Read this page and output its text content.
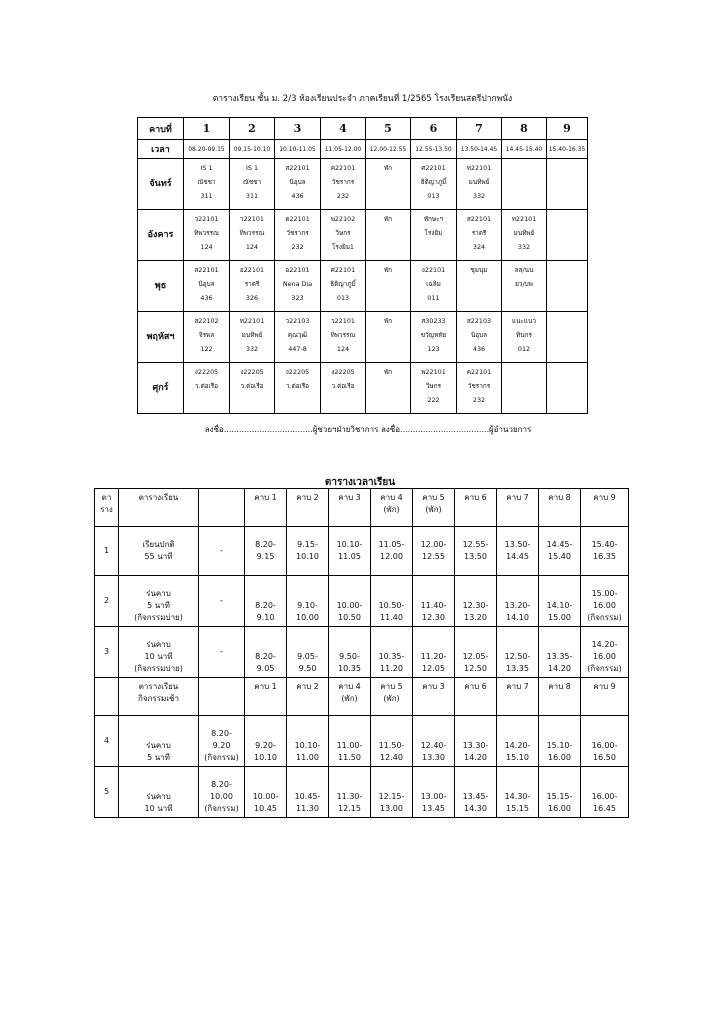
ตารางเรียน ชั้น ม. 2/3 ห้องเรียนประจำ ภาคเรียนที่ 1/2565 โรงเรียนสตรีปากพนัง
คาบที่	1	2	3	4	5	6	7	8	9
เวลา	08.20-09.15	09.15-10.10	10.10-11.05	11.05-12.00	12.00-12.55	12.55-13.50	13.50-14.45	14.45-15.40	15.40-16.35
จันทร์	IS 1
ณัชชา
311	IS 1
ณัชชา
311	ส22101
นิอุบล
436	ค22101
วัชรากร
232	พัก	ศ22101
ธิติญาภูมิ์
013	ท22101
มนทิพย์
332		

อังคาร	ว22101
ทิพวรรณ
124	ว22101
ทิพวรรณ
124	ค22101
วัชรากร
232	พ22102
วิษกร
โรงยิม1	พัก	ทักษะฯ
โรงยิม	ส22101
ราตรี
324	ท22101
มนทิพย์
332	

พุธ	ส22101
นิอุบล
436	อ22101
ราตรี
326	อ22101
Nena Dia
323	ศ22101
ธิติญาภูมิ์
013	พัก	ง22101
เฉลิม
011	ชุมนุม	ลส/นน
ยว/บพ	

พฤหัสฯ	ส22102
จิรพล
122	ท22101
มนทิพย์
332	ว22103
คุณวุฒิ
447-8	ว22101
ทิพวรรณ
124	พัก	ส30233
ขวัญหทัย
123	ส22103
นิอุบล
436	แนะแนว
ทินกร
012	

ศุกร์	ง22205
ว.ต่อเรือ	ง22205
ว.ต่อเรือ	ง22205
ว.ต่อเรือ	ง22205
ว.ต่อเรือ	พัก	พ22101
วิษกร
222	ค22101
วัชรากร
232		

ลงชื่อ...................................ผู้ช่วยฯฝ่ายวิชาการ ลงชื่อ...................................ผู้อำนวยการ
ตารางเวลาเรียน
ตา
ราง	ตารางเรียน		คาบ 1	คาบ 2	คาบ 3	คาบ 4
(พัก)	คาบ 5
(พัก)	คาบ 6	คาบ 7	คาบ 8	คาบ 9

1	เรียนปกติ
55 นาที	-	8.20-
9.15	9.15-
10.10	10.10-
11.05	11.05-
12.00	12.00-
12.55	12.55-
13.50	13.50-
14.45	14.45-
15.40	15.40-
16.35

2	ร่นคาบ
5 นาที
(กิจกรรมบ่าย)	-	8.20-
9.10	9.10-
10.00	10.00-
10.50	10.50-
11.40	11.40-
12.30	12.30-
13.20	13.20-
14.10	14.10-
15.00	15.00-
16.00
(กิจกรรม)

3	ร่นคาบ
10 นาที
(กิจกรรมบ่าย)	-	8.20-
9.05	9.05-
9.50	9.50-
10.35	10.35-
11.20	11.20-
12.05	12.05-
12.50	12.50-
13.35	13.35-
14.20	14.20-
16.00
(กิจกรรม)

	ตารางเรียน
กิจกรรมเช้า		คาบ 1	คาบ 2	คาบ 4
(พัก)	คาบ 5
(พัก)	คาบ 3	คาบ 6	คาบ 7	คาบ 8	คาบ 9

4	ร่นคาบ
5 นาที	8.20-
9.20
(กิจกรรม)	9.20-
10.10	10.10-
11.00	11.00-
11.50	11.50-
12.40	12.40-
13.30	13.30-
14.20	14.20-
15.10	15.10-
16.00	16.00-
16.50

5	ร่นคาบ
10 นาที	8.20-
10.00
(กิจกรรม)	10.00-
10.45	10.45-
11.30	11.30-
12.15	12.15-
13.00	13.00-
13.45	13.45-
14.30	14.30-
15.15	15.15-
16.00	16.00-
16.45
